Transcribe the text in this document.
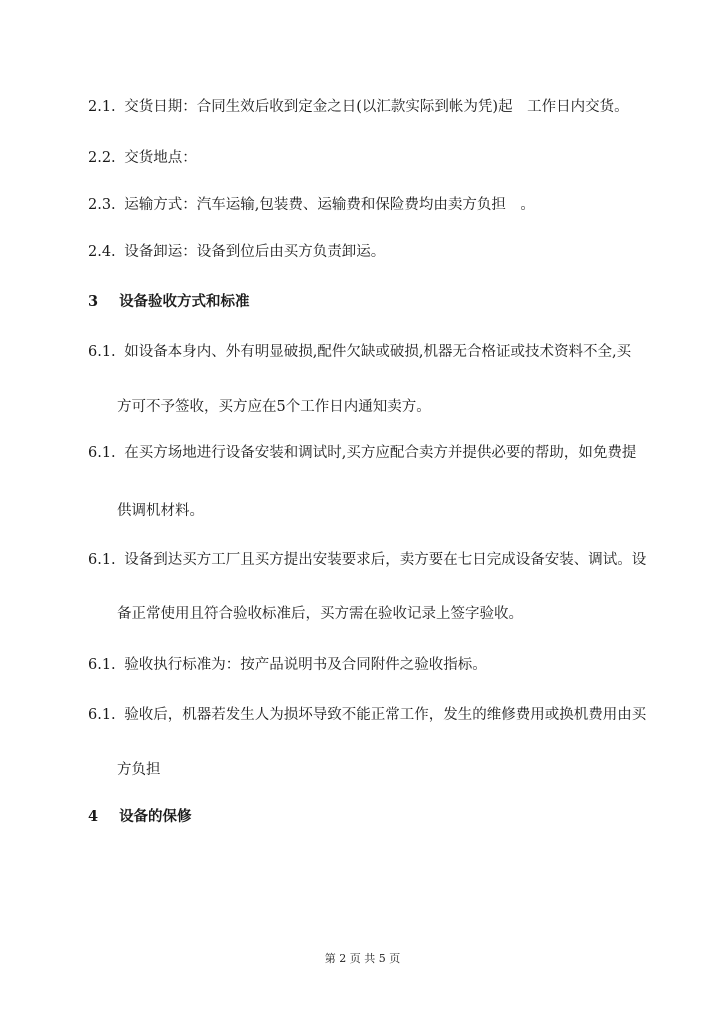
2.1. 交货日期：合同生效后收到定金之日(以汇款实际到帐为凭)起　工作日内交货。
2.2. 交货地点：
2.3. 运输方式：汽车运输,包装费、运输费和保险费均由卖方负担　。
2.4. 设备卸运：设备到位后由买方负责卸运。
3 设备验收方式和标准
6.1. 如设备本身内、外有明显破损,配件欠缺或破损,机器无合格证或技术资料不全,买
方可不予签收，买方应在5个工作日内通知卖方。
6.1. 在买方场地进行设备安装和调试时,买方应配合卖方并提供必要的帮助，如免费提
供调机材料。
6.1. 设备到达买方工厂且买方提出安装要求后，卖方要在七日完成设备安装、调试。设
备正常使用且符合验收标准后，买方需在验收记录上签字验收。
6.1. 验收执行标准为：按产品说明书及合同附件之验收指标。
6.1. 验收后，机器若发生人为损坏导致不能正常工作，发生的维修费用或换机费用由买
方负担
4 设备的保修
第 2 页 共 5 页
